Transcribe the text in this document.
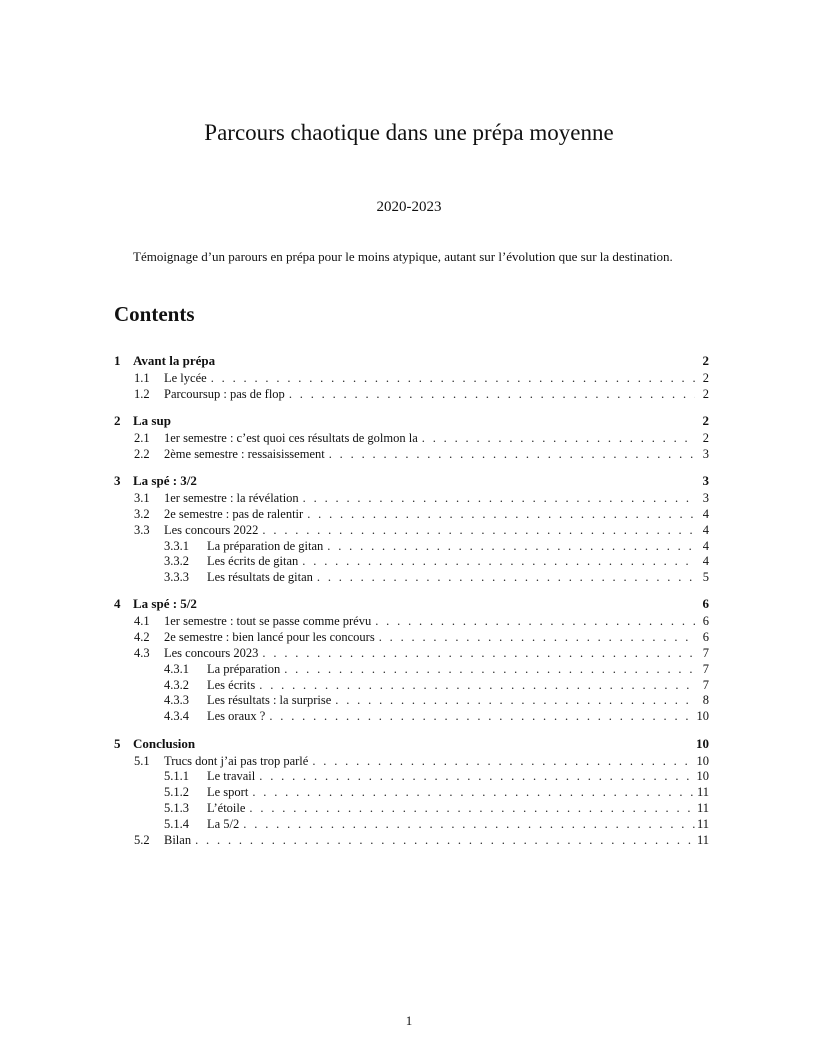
Parcours chaotique dans une prépa moyenne
2020-2023
Témoignage d’un parours en prépa pour le moins atypique, autant sur l’évolution que sur la destination.
Contents
1 Avant la prépa	2
1.1	Le lycée . . .	2
1.2	Parcoursup : pas de flop . . .	2
2 La sup	2
2.1	1er semestre : c’est quoi ces résultats de golmon la . . .	2
2.2	2ème semestre : ressaisissement . . .	3
3 La spé : 3/2	3
3.1	1er semestre : la révélation . . .	3
3.2	2e semestre : pas de ralentir . . .	4
3.3	Les concours 2022 . . .	4
3.3.1	La préparation de gitan . . .	4
3.3.2	Les écrits de gitan . . .	4
3.3.3	Les résultats de gitan . . .	5
4 La spé : 5/2	6
4.1	1er semestre : tout se passe comme prévu . . .	6
4.2	2e semestre : bien lancé pour les concours . . .	6
4.3	Les concours 2023 . . .	7
4.3.1	La préparation . . .	7
4.3.2	Les écrits . . .	7
4.3.3	Les résultats : la surprise . . .	8
4.3.4	Les oraux ? . . .	10
5 Conclusion	10
5.1	Trucs dont j’ai pas trop parlé . . .	10
5.1.1	Le travail . . .	10
5.1.2	Le sport . . .	11
5.1.3	L’étoile . . .	11
5.1.4	La 5/2 . . .	11
5.2	Bilan . . .	11
1
